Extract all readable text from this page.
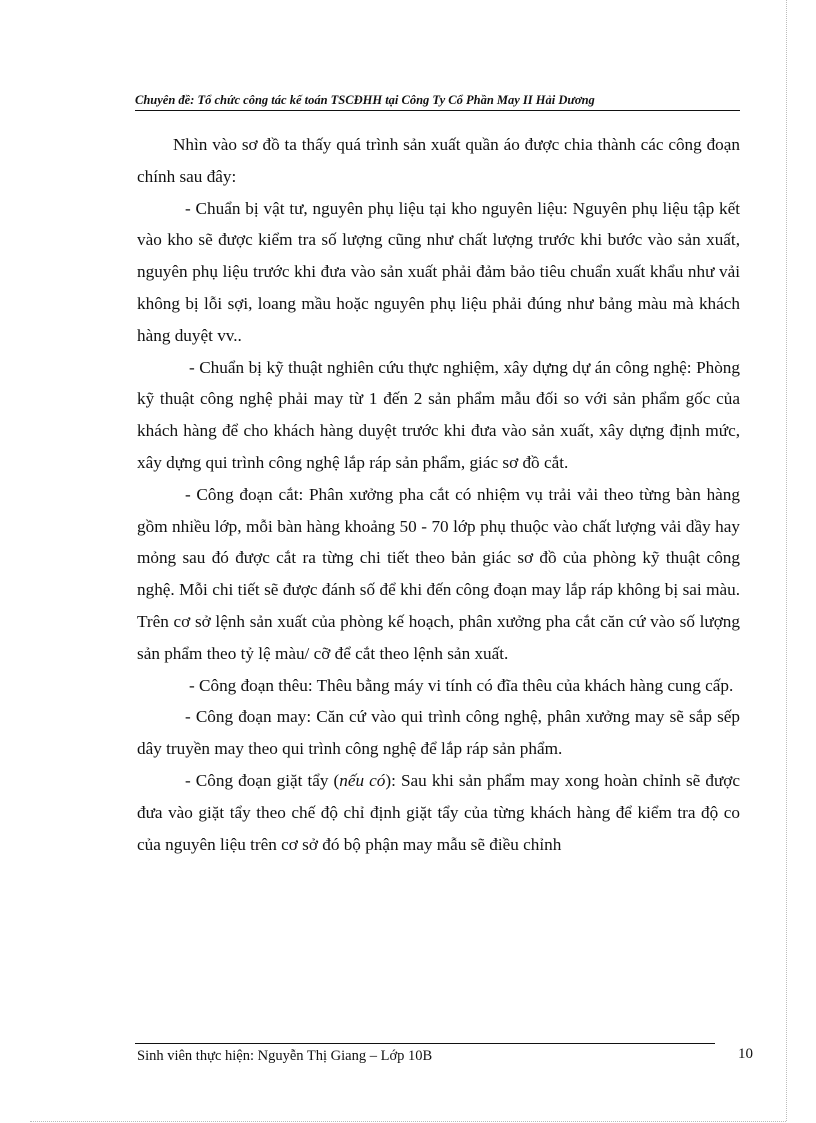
Chuyên đề: Tổ chức công tác kế toán TSCĐHH tại Công Ty Cổ Phần May II Hải Dương

Nhìn vào sơ đồ ta thấy quá trình sản xuất quần áo được chia thành các công đoạn chính sau đây:

- Chuẩn bị vật tư, nguyên phụ liệu tại kho nguyên liệu: Nguyên phụ liệu tập kết vào kho sẽ được kiểm tra số lượng cũng như chất lượng trước khi bước vào sản xuất, nguyên phụ liệu trước khi đưa vào sản xuất phải đảm bảo tiêu chuẩn xuất khẩu như vải không bị lỗi sợi, loang mầu hoặc nguyên phụ liệu phải đúng như bảng màu mà khách hàng duyệt vv..

- Chuẩn bị kỹ thuật nghiên cứu thực nghiệm, xây dựng dự án công nghệ: Phòng kỹ thuật công nghệ phải may từ 1 đến 2 sản phẩm mẫu đối so với sản phẩm gốc của khách hàng để cho khách hàng duyệt trước khi đưa vào sản xuất, xây dựng định mức, xây dựng qui trình công nghệ lắp ráp sản phẩm, giác sơ đồ cắt.

- Công đoạn cắt: Phân xưởng pha cắt có nhiệm vụ trải vải theo từng bàn hàng gồm nhiều lớp, mỗi bàn hàng khoảng 50 - 70 lớp phụ thuộc vào chất lượng vải dầy hay mỏng sau đó được cắt ra từng chi tiết theo bản giác sơ đồ của phòng kỹ thuật công nghệ. Mỗi chi tiết sẽ được đánh số để khi đến công đoạn may lắp ráp không bị sai màu. Trên cơ sở lệnh sản xuất của phòng kế hoạch, phân xưởng pha cắt căn cứ vào số lượng sản phẩm theo tỷ lệ màu/ cỡ để cắt theo lệnh sản xuất.

- Công đoạn thêu: Thêu bằng máy vi tính có đĩa thêu của khách hàng cung cấp.

- Công đoạn may: Căn cứ vào qui trình công nghệ, phân xưởng may sẽ sắp sếp dây truyền may theo qui trình công nghệ để lắp ráp sản phẩm.

- Công đoạn giặt tẩy (nếu có): Sau khi sản phẩm may xong hoàn chỉnh sẽ được đưa vào giặt tẩy theo chế độ chỉ định giặt tẩy của từng khách hàng để kiểm tra độ co của nguyên liệu trên cơ sở đó bộ phận may mẫu sẽ điều chỉnh

Sinh viên thực hiện: Nguyễn Thị Giang – Lớp 10B	10
